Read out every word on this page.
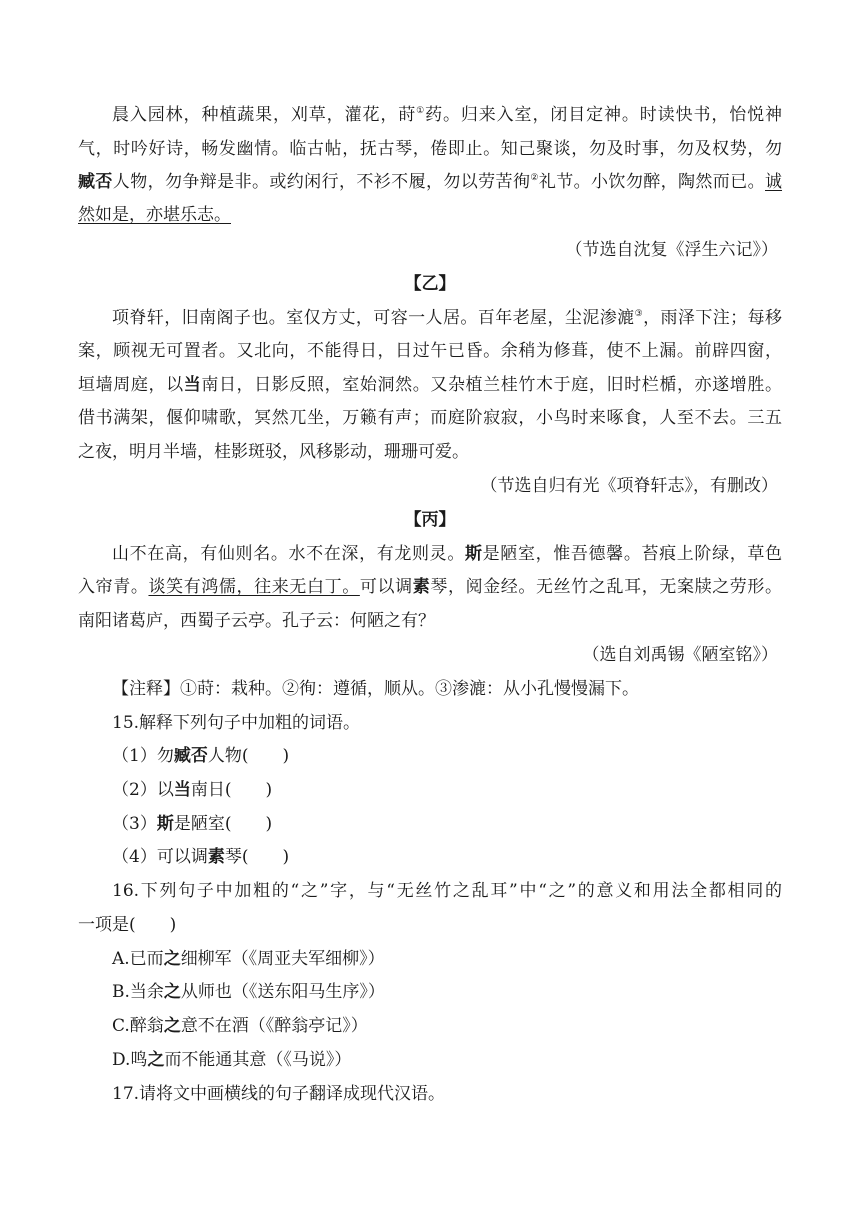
晨入园林，种植蔬果，刈草，灌花，莳①药。归来入室，闭目定神。时读快书，怡悦神
气，时吟好诗，畅发幽情。临古帖，抚古琴，倦即止。知己聚谈，勿及时事，勿及权势，勿
臧否人物，勿争辩是非。或约闲行，不衫不履，勿以劳苦徇②礼节。小饮勿醉，陶然而已。诚
然如是，亦堪乐志。
（节选自沈复《浮生六记》）
【乙】
项脊轩，旧南阁子也。室仅方丈，可容一人居。百年老屋，尘泥渗漉③，雨泽下注；每移
案，顾视无可置者。又北向，不能得日，日过午已昏。余稍为修葺，使不上漏。前辟四窗，
垣墙周庭，以当南日，日影反照，室始洞然。又杂植兰桂竹木于庭，旧时栏楯，亦遂增胜。
借书满架，偃仰啸歌，冥然兀坐，万籁有声；而庭阶寂寂，小鸟时来啄食，人至不去。三五
之夜，明月半墙，桂影斑驳，风移影动，珊珊可爱。
（节选自归有光《项脊轩志》，有删改）
【丙】
山不在高，有仙则名。水不在深，有龙则灵。斯是陋室，惟吾德馨。苔痕上阶绿，草色
入帘青。谈笑有鸿儒，往来无白丁。可以调素琴，阅金经。无丝竹之乱耳，无案牍之劳形。
南阳诸葛庐，西蜀子云亭。孔子云：何陋之有？
（选自刘禹锡《陋室铭》）
【注释】①莳：栽种。②徇：遵循，顺从。③渗漉：从小孔慢慢漏下。
15.解释下列句子中加粗的词语。
（1）勿臧否人物(　　)
（2）以当南日(　　)
（3）斯是陋室(　　)
（4）可以调素琴(　　)
16.下列句子中加粗的“之”字，与“无丝竹之乱耳”中“之”的意义和用法全都相同的
一项是(　　)
A.已而之细柳军（《周亚夫军细柳》）
B.当余之从师也（《送东阳马生序》）
C.醉翁之意不在酒（《醉翁亭记》）
D.鸣之而不能通其意（《马说》）
17.请将文中画横线的句子翻译成现代汉语。
